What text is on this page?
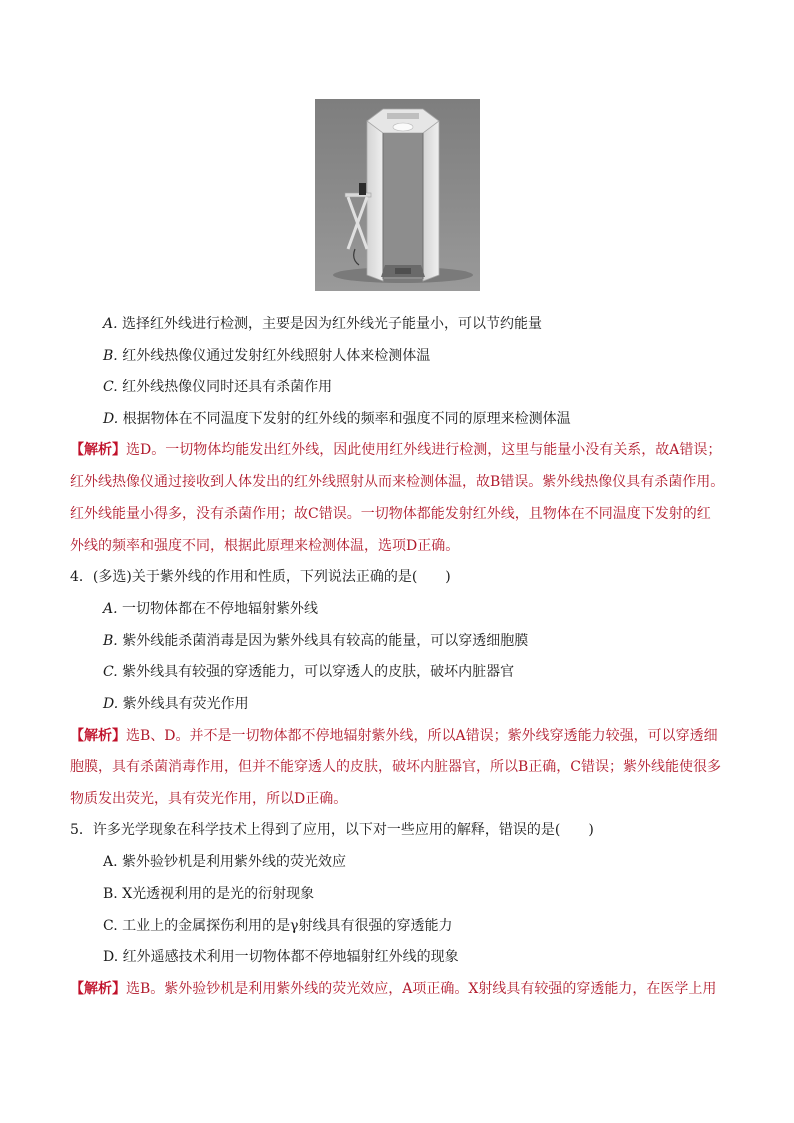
A. 选择红外线进行检测，主要是因为红外线光子能量小，可以节约能量
B. 红外线热像仪通过发射红外线照射人体来检测体温
C. 红外线热像仪同时还具有杀菌作用
D. 根据物体在不同温度下发射的红外线的频率和强度不同的原理来检测体温
【解析】选D。一切物体均能发出红外线，因此使用红外线进行检测，这里与能量小没有关系，故A错误；
红外线热像仪通过接收到人体发出的红外线照射从而来检测体温，故B错误。紫外线热像仪具有杀菌作用。
红外线能量小得多，没有杀菌作用；故C错误。一切物体都能发射红外线，且物体在不同温度下发射的红
外线的频率和强度不同，根据此原理来检测体温，选项D正确。
4．(多选)关于紫外线的作用和性质，下列说法正确的是(　　)
A. 一切物体都在不停地辐射紫外线
B. 紫外线能杀菌消毒是因为紫外线具有较高的能量，可以穿透细胞膜
C. 紫外线具有较强的穿透能力，可以穿透人的皮肤，破坏内脏器官
D. 紫外线具有荧光作用
【解析】选B、D。并不是一切物体都不停地辐射紫外线，所以A错误；紫外线穿透能力较强，可以穿透细
胞膜，具有杀菌消毒作用，但并不能穿透人的皮肤，破坏内脏器官，所以B正确，C错误；紫外线能使很多
物质发出荧光，具有荧光作用，所以D正确。
5．许多光学现象在科学技术上得到了应用，以下对一些应用的解释，错误的是(　　)
A. 紫外验钞机是利用紫外线的荧光效应
B. X光透视利用的是光的衍射现象
C. 工业上的金属探伤利用的是γ射线具有很强的穿透能力
D. 红外遥感技术利用一切物体都不停地辐射红外线的现象
【解析】选B。紫外验钞机是利用紫外线的荧光效应，A项正确。X射线具有较强的穿透能力，在医学上用
